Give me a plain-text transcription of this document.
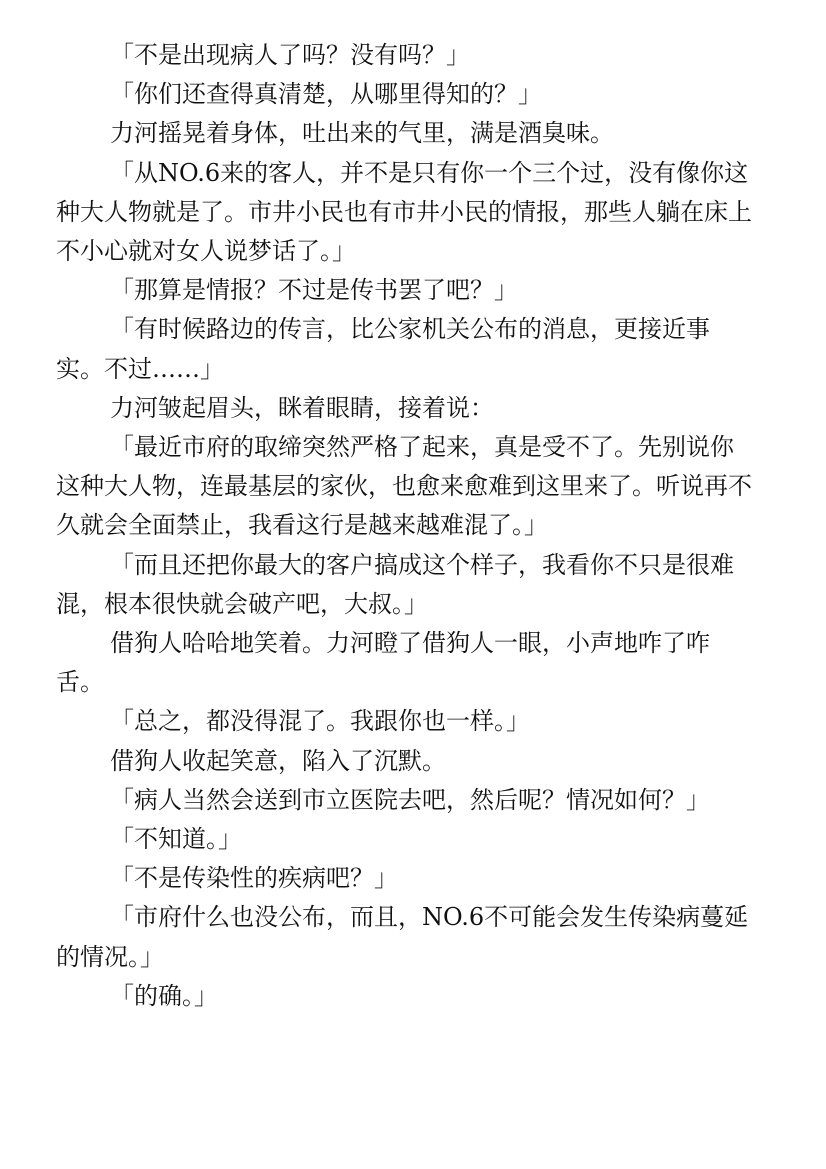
「不是出现病人了吗？没有吗？」

「你们还查得真清楚，从哪里得知的？」

力河摇晃着身体，吐出来的气里，满是酒臭味。

「从NO.6来的客人，并不是只有你一个三个过，没有像你这种大人物就是了。市井小民也有市井小民的情报，那些人躺在床上不小心就对女人说梦话了。」

「那算是情报？不过是传书罢了吧？」

「有时候路边的传言，比公家机关公布的消息，更接近事实。不过……」

力河皱起眉头，眯着眼睛，接着说：

「最近市府的取缔突然严格了起来，真是受不了。先别说你这种大人物，连最基层的家伙，也愈来愈难到这里来了。听说再不久就会全面禁止，我看这行是越来越难混了。」

「而且还把你最大的客户搞成这个样子，我看你不只是很难混，根本很快就会破产吧，大叔。」

借狗人哈哈地笑着。力河瞪了借狗人一眼，小声地咋了咋舌。

「总之，都没得混了。我跟你也一样。」

借狗人收起笑意，陷入了沉默。

「病人当然会送到市立医院去吧，然后呢？情况如何？」

「不知道。」

「不是传染性的疾病吧？」

「市府什么也没公布，而且，NO.6不可能会发生传染病蔓延的情况。」

「的确。」
